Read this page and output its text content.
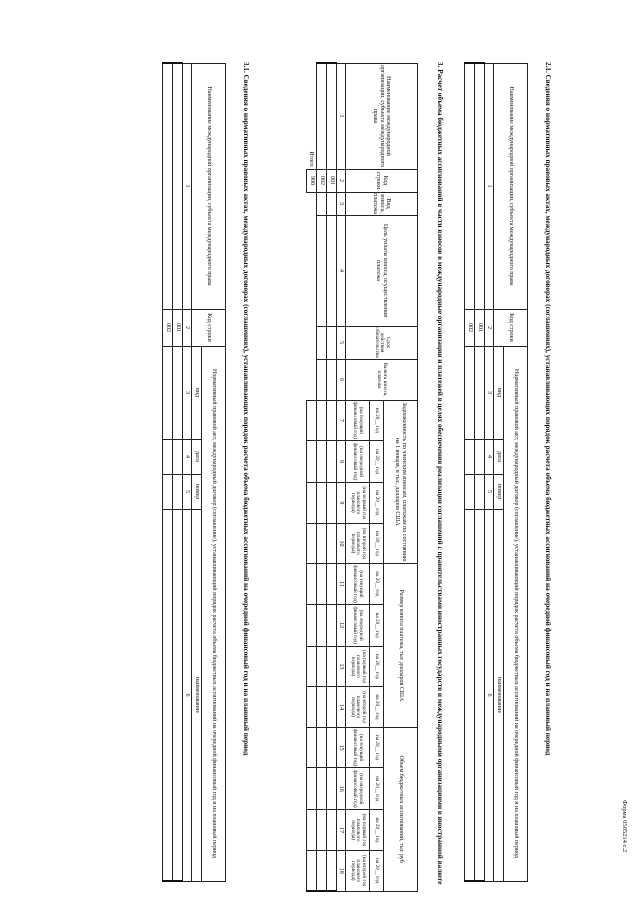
Форма 0505214 с.2
2.1. Сведения о нормативных правовых актах, международных договорах (соглашениях), устанавливающих порядок расчета объема бюджетных ассигнований на очередной финансовый год и на плановый период
Наименование международной организации, субъекта международного права	Код строки	Нормативный правовой акт, международный договор (соглашение), устанавливающий порядок расчета объема бюджетных ассигнований на очередной финансовый год и на плановый период			
		вид	дата	номер	наименование
1	2	3	4	5	6
	001				
	002				
3. Расчет объема бюджетных ассигнований в части взносов в международные организации и платежей в целях обеспечения реализации соглашений с правительствами иностранных государств и международными организациями в иностранной валюте
Наименование международной организации, субъекта международного права	Код строки	Вид взноса, платежа	Цель уплаты взноса, осуществления платежа	Срок действия обязательства	Валюта взноса, платежа	Задолженность по членским взносам, платежам по состоянию на 1 января, в тыс. долларов США				Размер взноса платежа, тыс долларов США				Объем бюджетных ассигнований, тыс руб			
						на 20__ год	на 20__ год	на 20__ год	на 20__ год	на 20__ год	на 20__ год	на 20__ год	на 20__ год	на 20__ год	на 20__ год	на 20__ год	на 20__ год
						(на текущий финансовый год)	(на очередной финансовый год)	(на первый год планового периода)	(на второй год планового периода)	(на текущий финансовый год)	(на очередной финансовый год)	(на первый год планового периода)	(на второй год планового периода)	(на текущий финансовый год)	(на очередной финансовый год)	(на первый год планового периода)	(на второй год планового периода)
1	2	3	4	5	6	7	8	9	10	11	12	13	14	15	16	17	18
	001																
	002																
Итого	900																
3.1. Сведения о нормативных правовых актах, международных договорах (соглашениях), устанавливающих порядок расчета объема бюджетных ассигнований на очередной финансовый год и на плановый период
Наименование международной организации, субъекта международного права	Код строки	Нормативный правовой акт, международный договор (соглашение), устанавливающий порядок расчета объема бюджетных ассигнований на очередной финансовый год и на плановый период			
		вид	дата	номер	наименование
1	2	3	4	5	6
	001				
	002				
